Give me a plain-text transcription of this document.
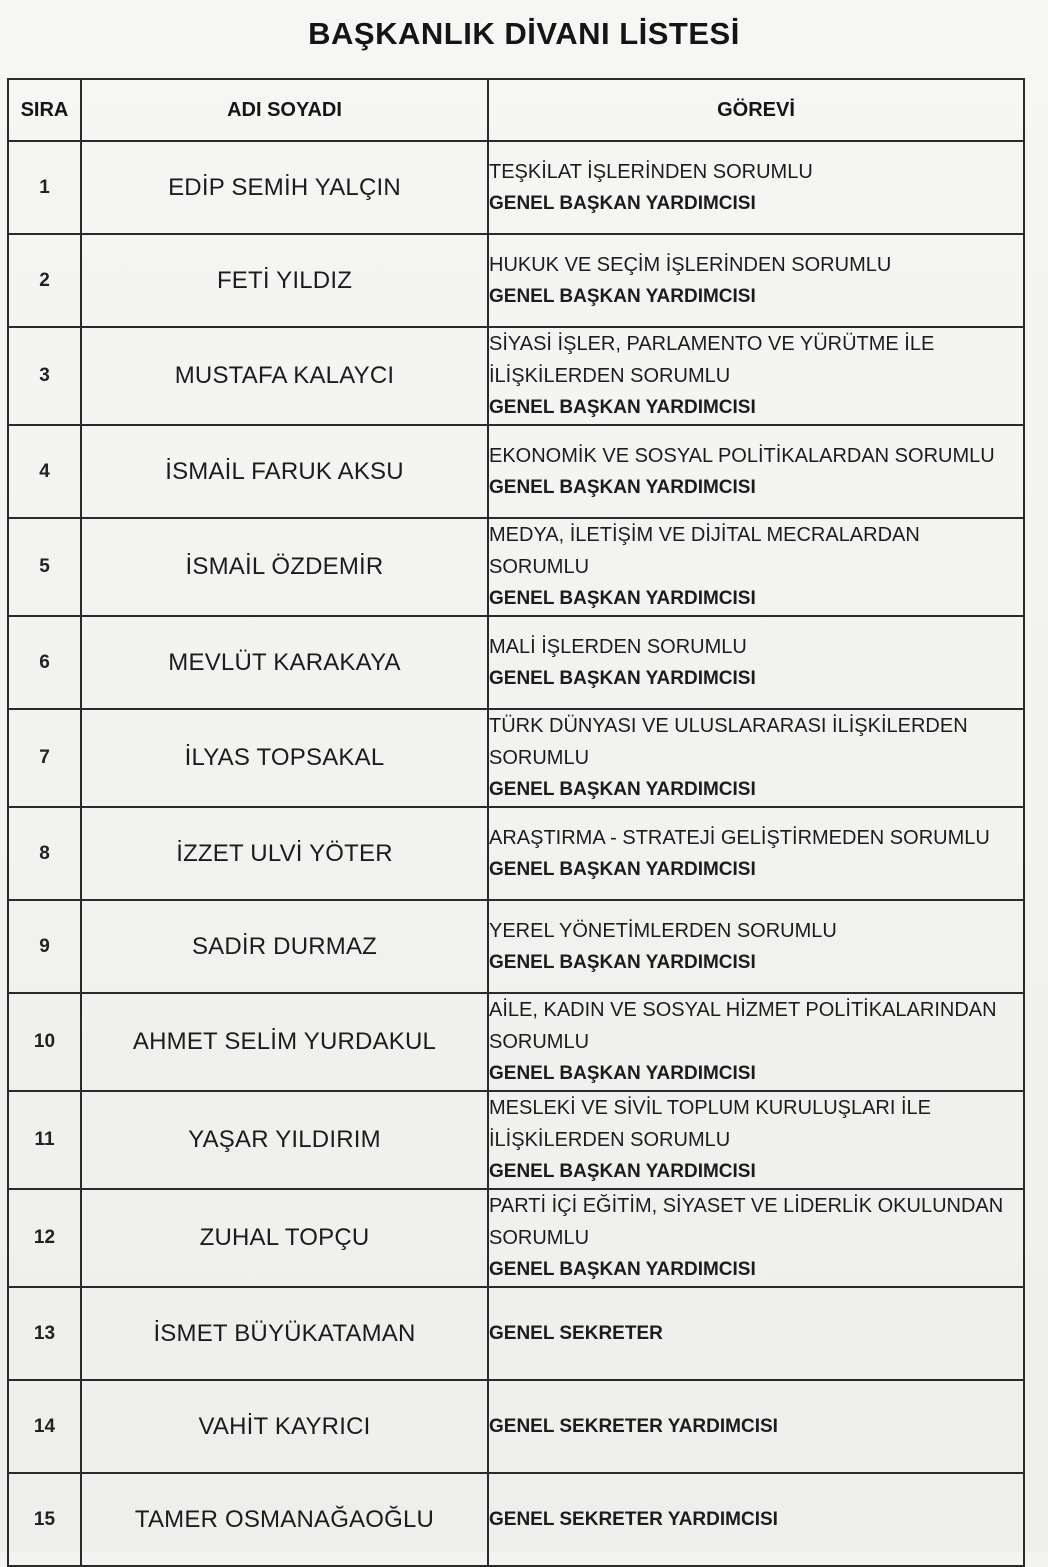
BAŞKANLIK DİVANI LİSTESİ
SIRA	ADI SOYADI	GÖREVİ
1	EDİP SEMİH YALÇIN	TEŞKİLAT İŞLERİNDEN SORUMLU
GENEL BAŞKAN YARDIMCISI

2	FETİ YILDIZ	HUKUK VE SEÇİM İŞLERİNDEN SORUMLU
GENEL BAŞKAN YARDIMCISI

3	MUSTAFA KALAYCI	SİYASİ İŞLER, PARLAMENTO VE YÜRÜTME İLE İLİŞKİLERDEN SORUMLU
GENEL BAŞKAN YARDIMCISI

4	İSMAİL FARUK AKSU	EKONOMİK VE SOSYAL POLİTİKALARDAN SORUMLU
GENEL BAŞKAN YARDIMCISI

5	İSMAİL ÖZDEMİR	MEDYA, İLETİŞİM VE DİJİTAL MECRALARDAN SORUMLU
GENEL BAŞKAN YARDIMCISI

6	MEVLÜT KARAKAYA	MALİ İŞLERDEN SORUMLU
GENEL BAŞKAN YARDIMCISI

7	İLYAS TOPSAKAL	TÜRK DÜNYASI VE ULUSLARARASI İLİŞKİLERDEN SORUMLU
GENEL BAŞKAN YARDIMCISI

8	İZZET ULVİ YÖTER	ARAŞTIRMA - STRATEJİ GELİŞTİRMEDEN SORUMLU
GENEL BAŞKAN YARDIMCISI

9	SADİR DURMAZ	YEREL YÖNETİMLERDEN SORUMLU
GENEL BAŞKAN YARDIMCISI

10	AHMET SELİM YURDAKUL	AİLE, KADIN VE SOSYAL HİZMET POLİTİKALARINDAN SORUMLU
GENEL BAŞKAN YARDIMCISI

11	YAŞAR YILDIRIM	MESLEKİ VE SİVİL TOPLUM KURULUŞLARI İLE İLİŞKİLERDEN SORUMLU
GENEL BAŞKAN YARDIMCISI

12	ZUHAL TOPÇU	PARTİ İÇİ EĞİTİM, SİYASET VE LİDERLİK OKULUNDAN SORUMLU
GENEL BAŞKAN YARDIMCISI

13	İSMET BÜYÜKATAMAN	GENEL SEKRETER

14	VAHİT KAYRICI	GENEL SEKRETER YARDIMCISI

15	TAMER OSMANAĞAOĞLU	GENEL SEKRETER YARDIMCISI
